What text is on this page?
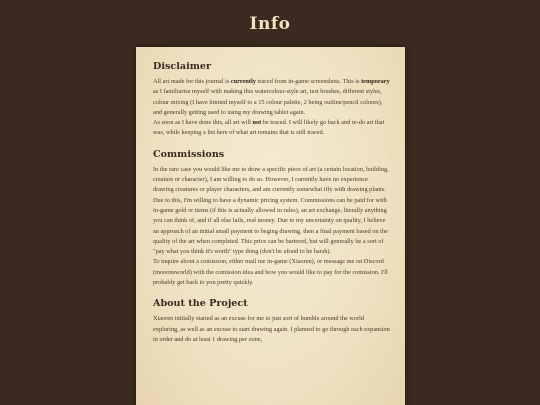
Info
Disclaimer

All art made for this journal is currently traced from in-game screenshots. This is temporary as I familiarise myself with making this watercolour-style art, test brushes, different styles, colour mixing (I have limited myself to a 15 colour palette, 2 being outline/pencil colours), and generally getting used to using my drawing tablet again.

As soon as I have done this, all art will not be traced. I will likely go back and re-do art that was, while keeping a list here of what art remains that is still traced.

Commissions

In the rare case you would like me to draw a specific piece of art (a certain location, building, creature or character), I am willing to do so. However, I currently have no experience drawing creatures or player characters, and am currently somewhat iffy with drawing plants. Due to this, I'm willing to have a dynamic pricing system. Commissions can be paid for with in-game gold or items (if this is actually allowed in rules), an art exchange, literally anything you can think of, and if all else fails, real money. Due to my uncertainty on quality, I believe an approach of an initial small payment to beging drawing, then a final payment based on the quality of the art when completed. This price can be bartered, but will generally be a sort of "pay what you think it's worth" type thing (don't be afraid to be harsh).

To inquire about a comission, either mail me in-game (Xiaoren), or message me on Discord (mooonsworld) with the comission idea and how you would like to pay for the comission. I'll probably get back to you pretty quickly.

About the Project

Xiaoren initially started as an excuse for me to just sort of bumble around the world exploring, as well as an excuse to start drawing again. I planned to go through each expansion in order and do at least 1 drawing per zone,
